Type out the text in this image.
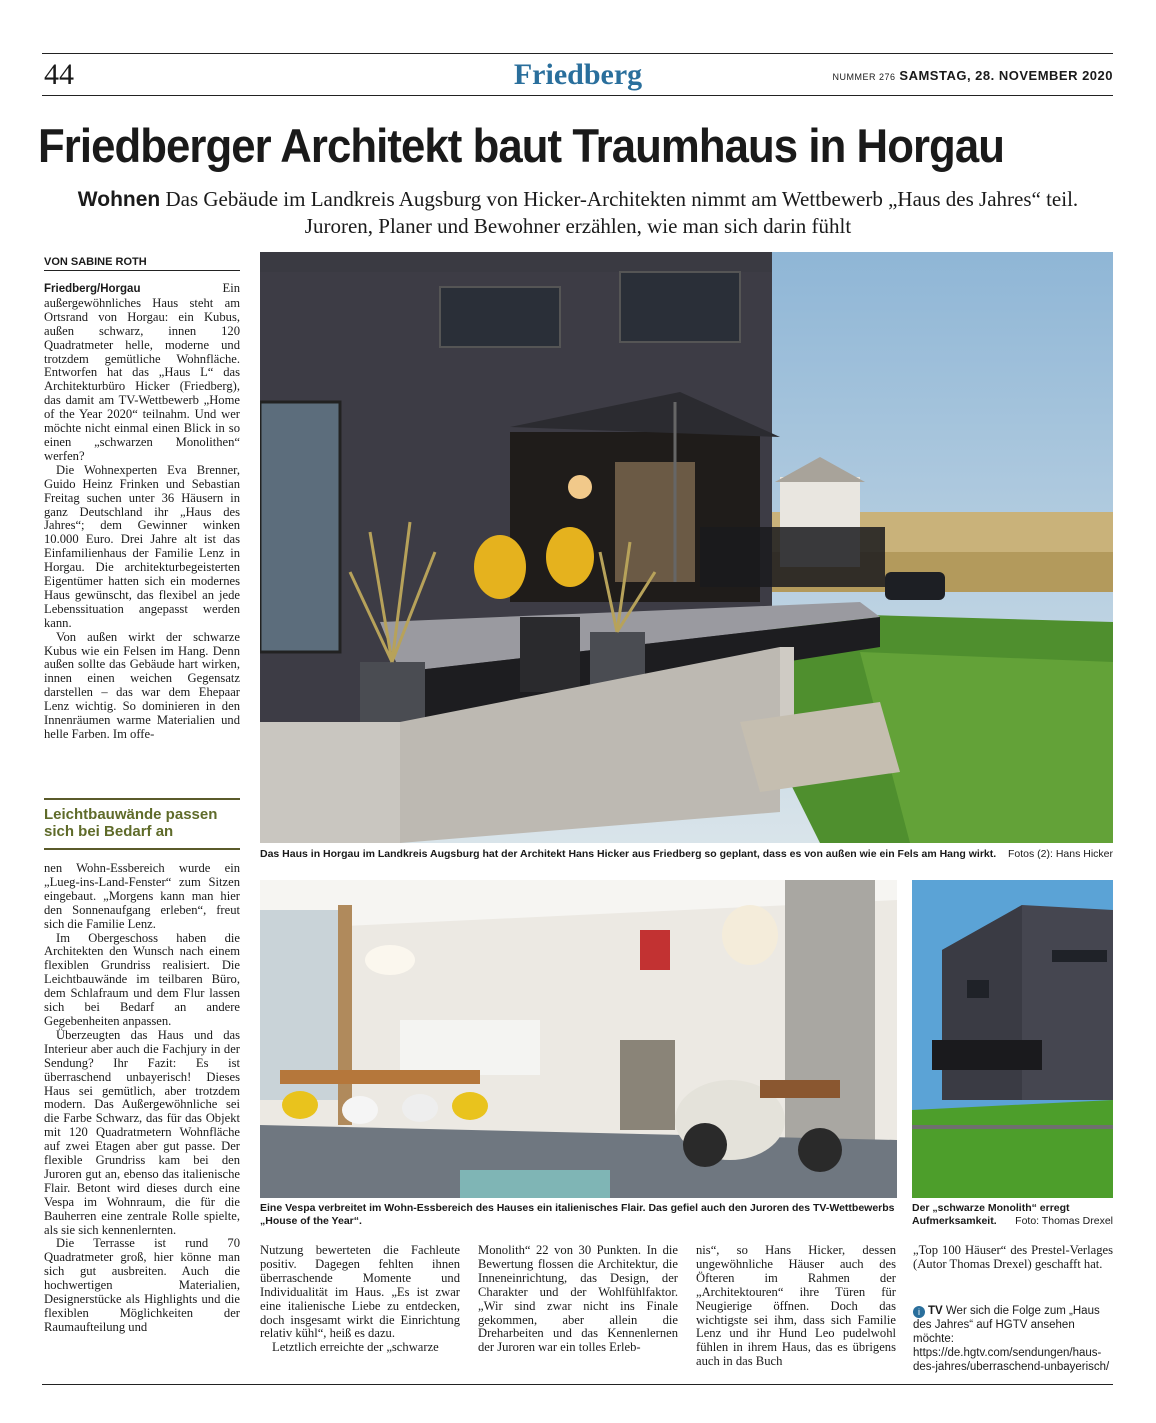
44	Friedberg	NUMMER 276 SAMSTAG, 28. NOVEMBER 2020
Friedberger Architekt baut Traumhaus in Horgau
Wohnen Das Gebäude im Landkreis Augsburg von Hicker-Architekten nimmt am Wettbewerb „Haus des Jahres“ teil. Juroren, Planer und Bewohner erzählen, wie man sich darin fühlt
VON SABINE ROTH

Friedberg/Horgau	Ein außergewöhnliches Haus steht am Ortsrand von Horgau: ein Kubus, außen schwarz, innen 120 Quadratmeter helle, moderne und trotzdem gemütliche Wohnfläche. Entworfen hat das „Haus L“ das Architekturbüro Hicker (Friedberg), das damit am TV-Wettbewerb „Home of the Year 2020“ teilnahm. Und wer möchte nicht einmal einen Blick in so einen „schwarzen Monolithen“ werfen?

Die Wohnexperten Eva Brenner, Guido Heinz Frinken und Sebastian Freitag suchen unter 36 Häusern in ganz Deutschland ihr „Haus des Jahres“; dem Gewinner winken 10.000 Euro. Drei Jahre alt ist das Einfamilienhaus der Familie Lenz in Horgau. Die architekturbegeisterten Eigentümer hatten sich ein modernes Haus gewünscht, das flexibel an jede Lebenssituation angepasst werden kann.

Von außen wirkt der schwarze Kubus wie ein Felsen im Hang. Denn außen sollte das Gebäude hart wirken, innen einen weichen Gegensatz darstellen – das war dem Ehepaar Lenz wichtig. So dominieren in den Innenräumen warme Materialien und helle Farben. Im offe-

Leichtbauwände passen sich bei Bedarf an

nen Wohn-Essbereich wurde ein „Lueg-ins-Land-Fenster“ zum Sitzen eingebaut. „Morgens kann man hier den Sonnenaufgang erleben“, freut sich die Familie Lenz.

Im Obergeschoss haben die Architekten den Wunsch nach einem flexiblen Grundriss realisiert. Die Leichtbauwände im teilbaren Büro, dem Schlafraum und dem Flur lassen sich bei Bedarf an andere Gegebenheiten anpassen.

Überzeugten das Haus und das Interieur aber auch die Fachjury in der Sendung? Ihr Fazit: Es ist überraschend unbayerisch! Dieses Haus sei gemütlich, aber trotzdem modern. Das Außergewöhnliche sei die Farbe Schwarz, das für das Objekt mit 120 Quadratmetern Wohnfläche auf zwei Etagen aber gut passe. Der flexible Grundriss kam bei den Juroren gut an, ebenso das italienische Flair. Betont wird dieses durch eine Vespa im Wohnraum, die für die Bauherren eine zentrale Rolle spielte, als sie sich kennenlernten.

Die Terrasse ist rund 70 Quadratmeter groß, hier könne man sich gut ausbreiten. Auch die hochwertigen Materialien, Designerstücke als Highlights und die flexiblen Möglichkeiten der Raumaufteilung und

Das Haus in Horgau im Landkreis Augsburg hat der Architekt Hans Hicker aus Friedberg so geplant, dass es von außen wie ein Fels am Hang wirkt. Fotos (2): Hans Hicker
Eine Vespa verbreitet im Wohn-Essbereich des Hauses ein italienisches Flair. Das gefiel auch den Juroren des TV-Wettbewerbs „House of the Year“.
Der „schwarze Monolith“ erregt Aufmerksamkeit. Foto: Thomas Drexel

Nutzung bewerteten die Fachleute positiv. Dagegen fehlten ihnen überraschende Momente und Individualität im Haus. „Es ist zwar eine italienische Liebe zu entdecken, doch insgesamt wirkt die Einrichtung relativ kühl“, heiß es dazu.

Letztlich erreichte der „schwarze

Monolith“ 22 von 30 Punkten. In die Bewertung flossen die Architektur, die Inneneinrichtung, das Design, der Charakter und der Wohlfühlfaktor. „Wir sind zwar nicht ins Finale gekommen, aber allein die Dreharbeiten und das Kennenlernen der Juroren war ein tolles Erleb-

nis“, so Hans Hicker, dessen ungewöhnliche Häuser auch des Öfteren im Rahmen der „Architektouren“ ihre Türen für Neugierige öffnen. Doch das wichtigste sei ihm, dass sich Familie Lenz und ihr Hund Leo pudelwohl fühlen in ihrem Haus, das es übrigens auch in das Buch

„Top 100 Häuser“ des Prestel-Verlages (Autor Thomas Drexel) geschafft hat.

i TV Wer sich die Folge zum „Haus des Jahres“ auf HGTV ansehen möchte: https://de.hgtv.com/sendungen/haus-des-jahres/uberraschend-unbayerisch/
